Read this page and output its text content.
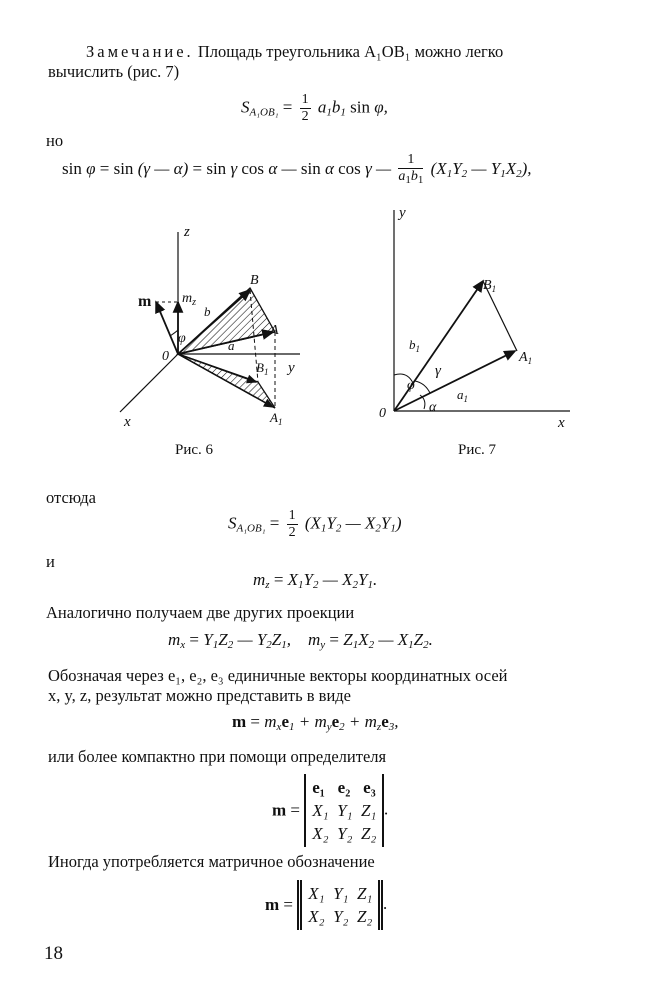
Замечание. Площадь треугольника A₁OB₁ можно легко
вычислить (рис. 7)
$S_{A_1OB_1} = \frac{1}{2} a_1b_1$ sin φ,
но
sin φ = sin (γ — α) = sin γ cos α — sin α cos γ — $\frac{1}{a_1b_1} (X_1Y_2$ — $Y_1X_2$),
z
y
x
0
m $m_z$
φ
B
A
b
a
$B_1$
$A_1$
Рис. 6
y
x
0
$B_1$
$A_1$
$b_1$
$a_1$
γ
φ
α
Рис. 7
отсюда
$S_{A_1OB_1} = \frac{1}{2} (X_1Y_2$ — $X_2Y_1$)
и
$m_z = X_1Y_2$ — $X_2Y_1$.
Аналогично получаем две других проекции
$m_x = Y_1Z_2$ — $Y_2Z_1$,    $m_y = Z_1X_2$ — $X_1Z_2$.
Обозначая через e₁, e₂, e₃ единичные векторы координатных осей
x, y, z, результат можно представить в виде
$m = m_xe_1 + m_ye_2 + m_ze_3$,
или более компактно при помощи определителя
m =
e₁ e₂ e₃
X₁ Y₁ Z₁
X₂ Y₂ Z₂
.
Иногда употребляется матричное обозначение
m =
X₁ Y₁ Z₁
X₂ Y₂ Z₂
.
18
